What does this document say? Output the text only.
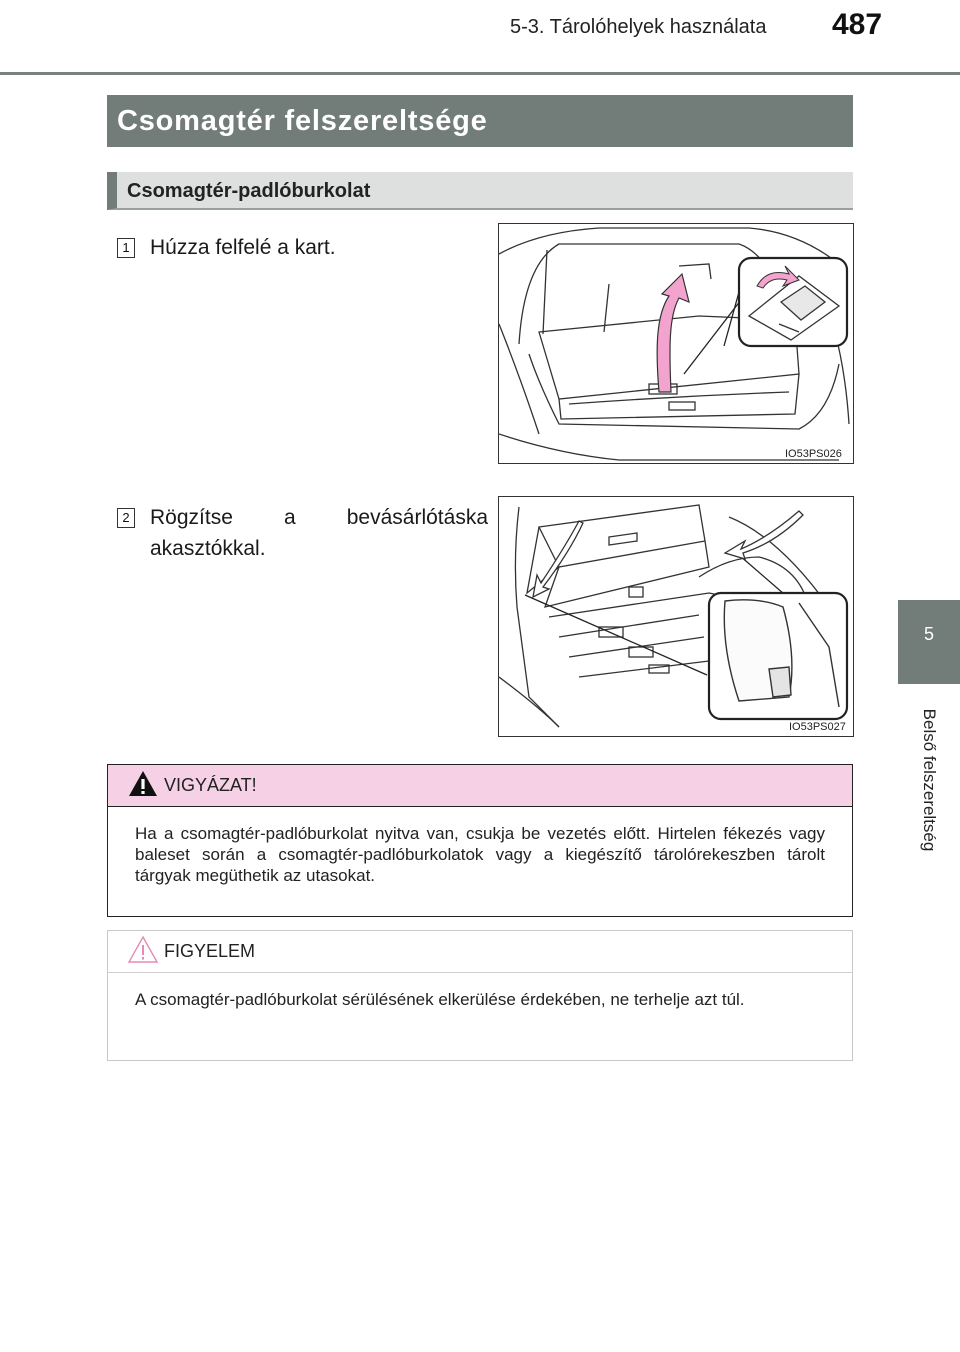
5-3. Tárolóhelyek használata 487
5
Belső felszereltség
Csomagtér felszereltsége
Csomagtér-padlóburkolat
1 Húzza felfelé a kart.
IO53PS026
2 Rögzítse a bevásárlótáska
akasztókkal.
IO53PS027
VIGYÁZAT!
Ha a csomagtér-padlóburkolat nyitva van, csukja be vezetés előtt. Hirtelen fékezés vagy baleset során a csomagtér-padlóburkolatok vagy a kiegészítő tárolórekeszben tárolt tárgyak megüthetik az utasokat.
FIGYELEM
A csomagtér-padlóburkolat sérülésének elkerülése érdekében, ne terhelje azt túl.
